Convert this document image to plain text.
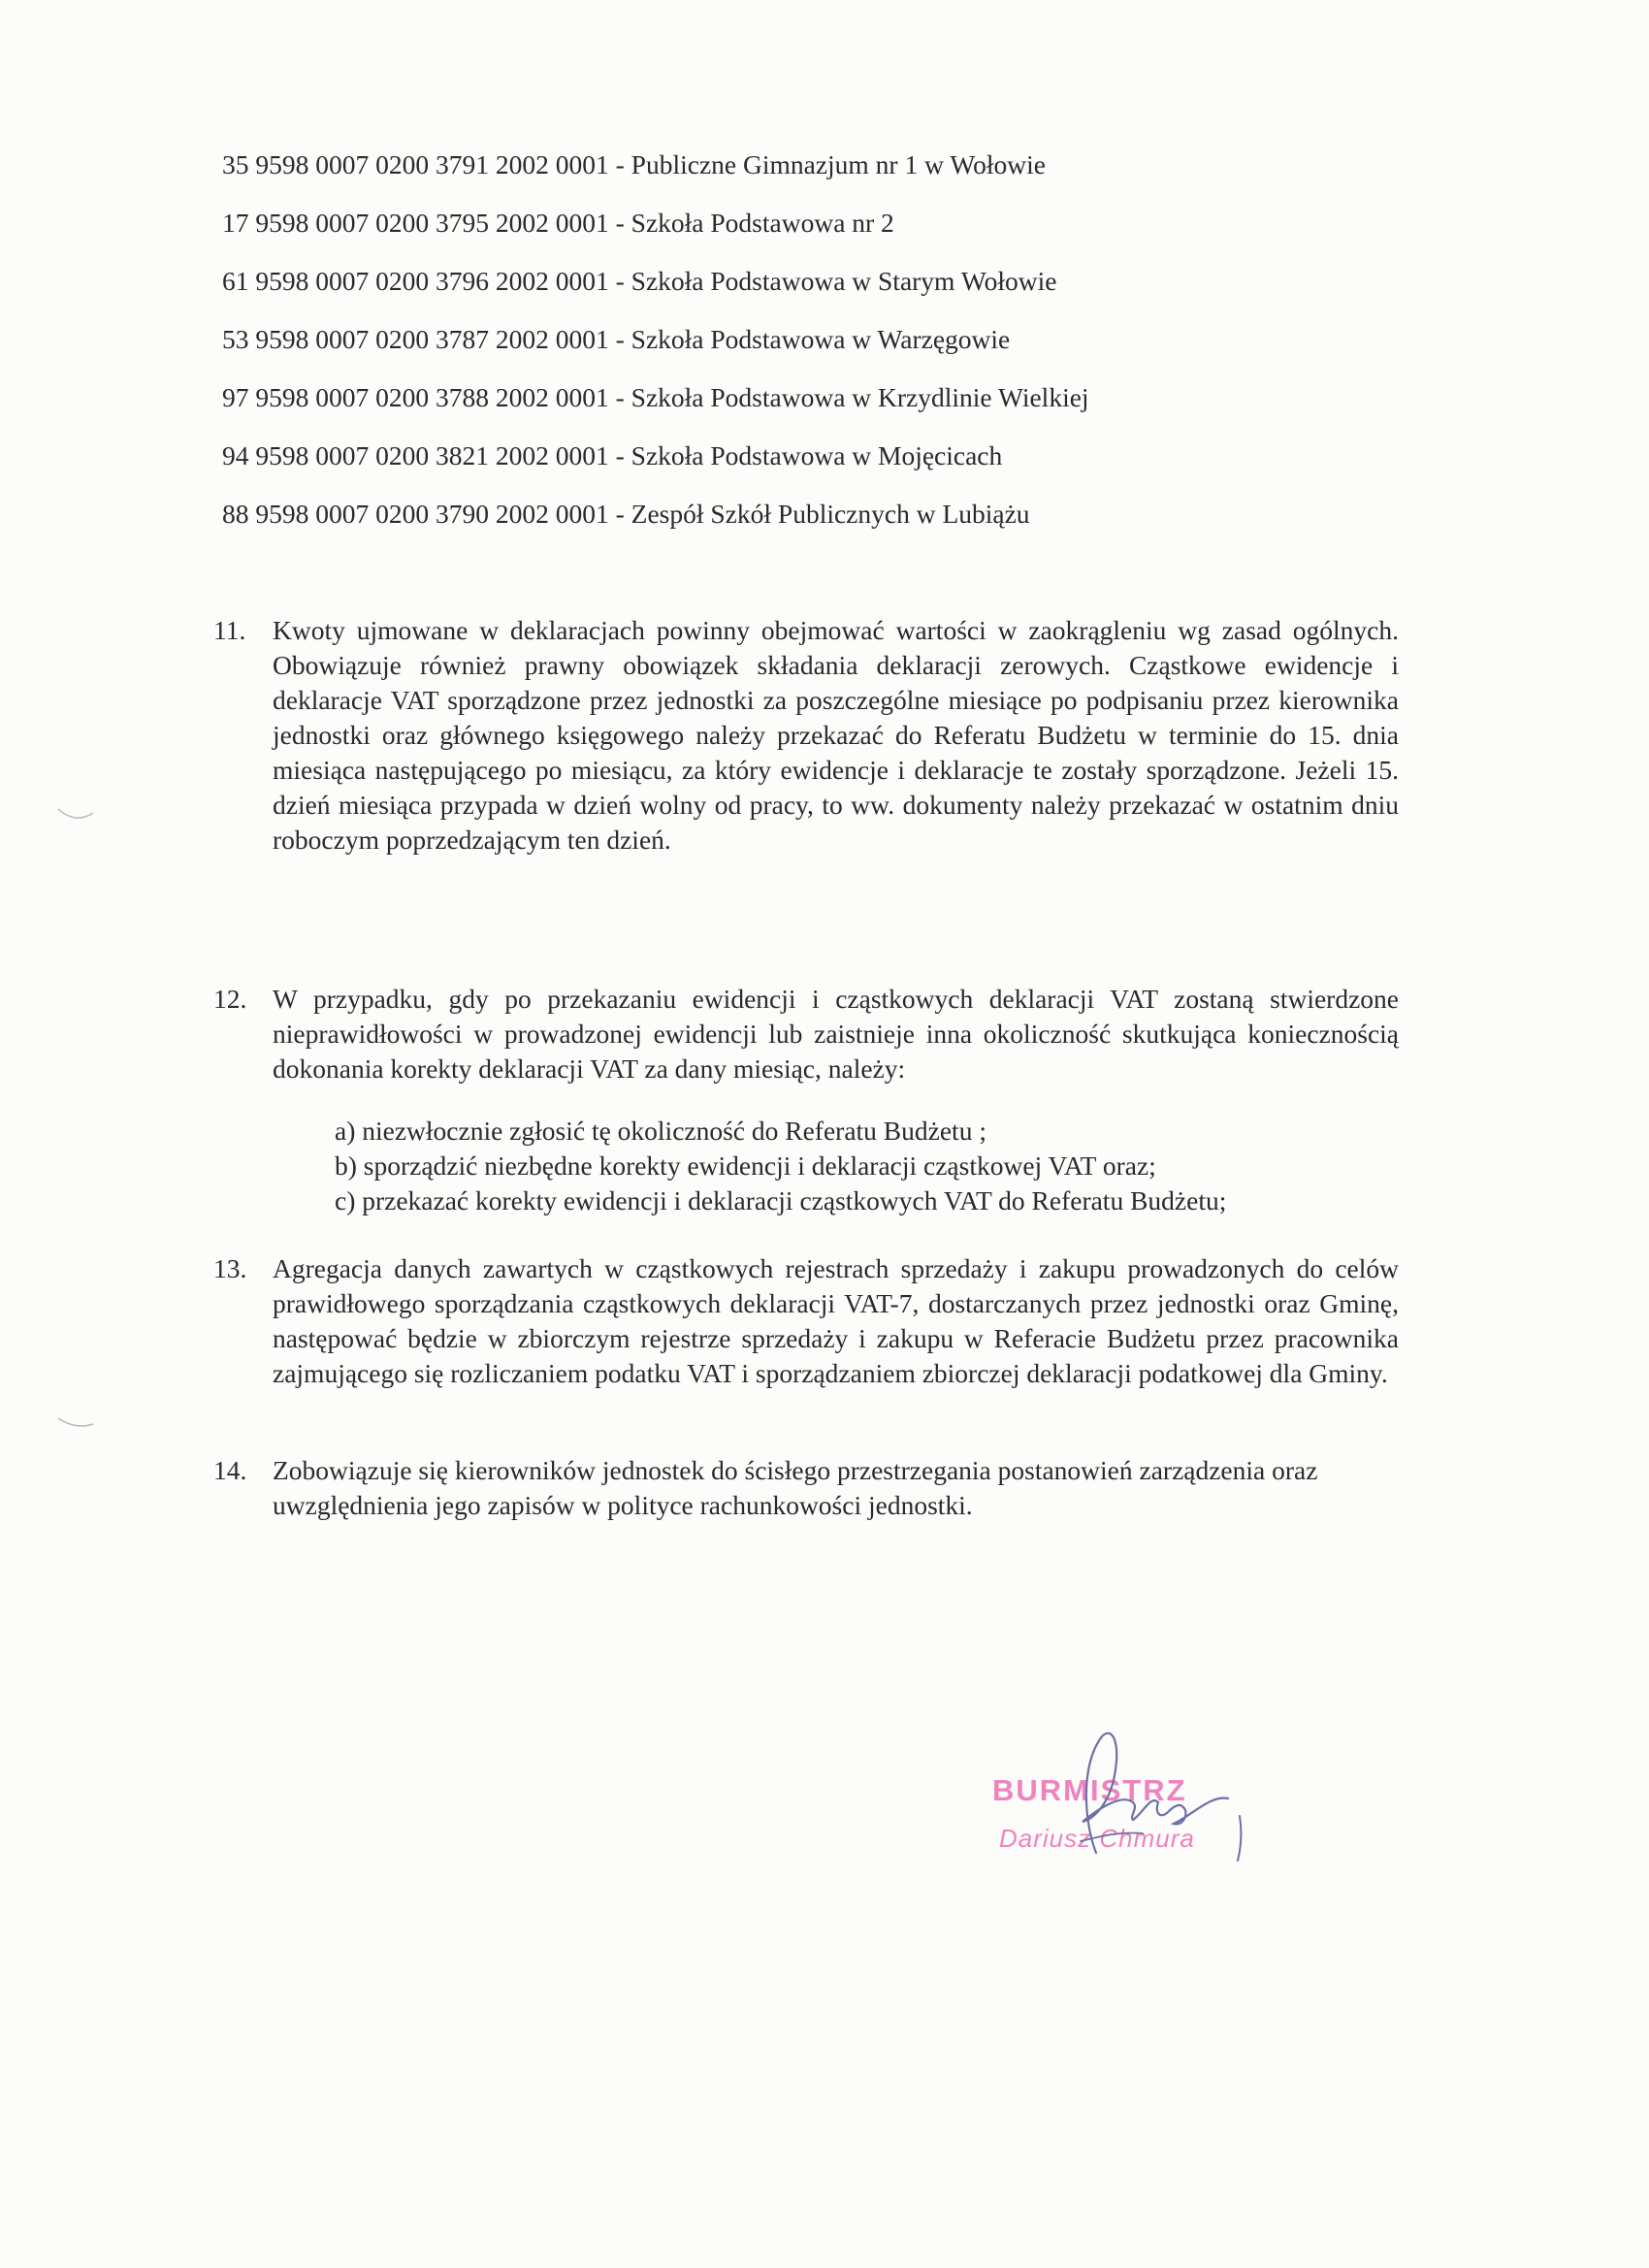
35 9598 0007 0200 3791 2002 0001 - Publiczne Gimnazjum nr 1 w Wołowie
17 9598 0007 0200 3795 2002 0001 - Szkoła Podstawowa nr 2
61 9598 0007 0200 3796 2002 0001 - Szkoła Podstawowa w Starym Wołowie
53 9598 0007 0200 3787 2002 0001 - Szkoła Podstawowa w Warzęgowie
97 9598 0007 0200 3788 2002 0001 - Szkoła Podstawowa w Krzydlinie Wielkiej
94 9598 0007 0200 3821 2002 0001 - Szkoła Podstawowa w Mojęcicach
88 9598 0007 0200 3790 2002 0001 - Zespół Szkół Publicznych w Lubiążu
11. Kwoty ujmowane w deklaracjach powinny obejmować wartości w zaokrągleniu wg zasad ogólnych. Obowiązuje również prawny obowiązek składania deklaracji zerowych. Cząstkowe ewidencje i deklaracje VAT sporządzone przez jednostki za poszczególne miesiące po podpisaniu przez kierownika jednostki oraz głównego księgowego należy przekazać do Referatu Budżetu w terminie do 15. dnia miesiąca następującego po miesiącu, za który ewidencje i deklaracje te zostały sporządzone. Jeżeli 15. dzień miesiąca przypada w dzień wolny od pracy, to ww. dokumenty należy przekazać w ostatnim dniu roboczym poprzedzającym ten dzień.
12. W przypadku, gdy po przekazaniu ewidencji i cząstkowych deklaracji VAT zostaną stwierdzone nieprawidłowości w prowadzonej ewidencji lub zaistnieje inna okoliczność skutkująca koniecznością dokonania korekty deklaracji VAT za dany miesiąc, należy:
a) niezwłocznie zgłosić tę okoliczność do Referatu Budżetu ;
b) sporządzić niezbędne korekty ewidencji i deklaracji cząstkowej VAT oraz;
c) przekazać korekty ewidencji i deklaracji cząstkowych VAT do Referatu Budżetu;
13. Agregacja danych zawartych w cząstkowych rejestrach sprzedaży i zakupu prowadzonych do celów prawidłowego sporządzania cząstkowych deklaracji VAT-7, dostarczanych przez jednostki oraz Gminę, następować będzie w zbiorczym rejestrze sprzedaży i zakupu w Referacie Budżetu przez pracownika zajmującego się rozliczaniem podatku VAT i sporządzaniem zbiorczej deklaracji podatkowej dla Gminy.
14. Zobowiązuje się kierowników jednostek do ścisłego przestrzegania postanowień zarządzenia oraz uwzględnienia jego zapisów w polityce rachunkowości jednostki.
BURMISTRZ
Dariusz Chmura
